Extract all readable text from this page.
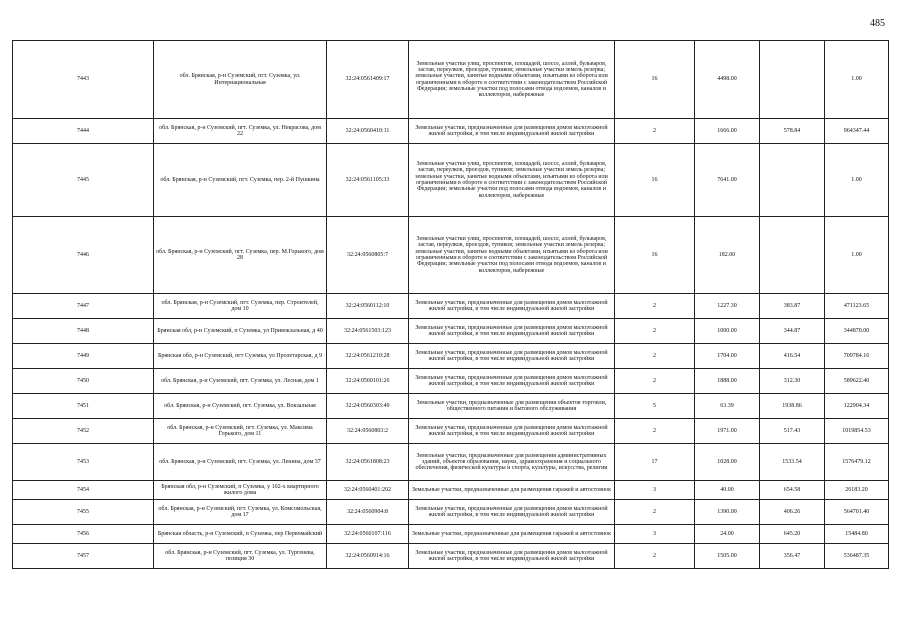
485
7443	обл. Брянская, р-н Суземский, пгт. Суземка, ул. Интернациональная	32:24:0561409:17	Земельные участки улиц, проспектов, площадей, шоссе, аллей, бульваров, застав, переулков, проездов, тупиков; земельные участки земель резерва; земельные участки, занятые водными объектами, изъятыми из оборота или ограниченными в обороте в соответствии с законодательством Российской Федерации; земельные участки под полосами отвода водоемов, каналов и коллекторов, набережные	16	4498.00		1.00
7444	обл. Брянская, р-н Суземский, пгт. Суземка, ул. Некрасова, дом 22	32:24:0560410:11	Земельные участки, предназначенные для размещения домов малоэтажной жилой застройки, в том числе индивидуальной жилой застройки	2	1666.00	578.84	964347.44
7445	обл. Брянская, р-н Суземский, пгт. Суземка, пер. 2-й Пушкина	32:24:0561105:33	Земельные участки улиц, проспектов, площадей, шоссе, аллей, бульваров, застав, переулков, проездов, тупиков; земельные участки земель резерва; земельные участки, занятые водными объектами, изъятыми из оборота или ограниченными в обороте в соответствии с законодательством Российской Федерации; земельные участки под полосами отвода водоемов, каналов и коллекторов, набережные	16	7641.00		1.00
7446	обл. Брянская, р-н Суземский, пгт. Суземка, пер. М.Горького, дом 28	32:24:0560805:7	Земельные участки улиц, проспектов, площадей, шоссе, аллей, бульваров, застав, переулков, проездов, тупиков; земельные участки земель резерва; земельные участки, занятые водными объектами, изъятыми из оборота или ограниченными в обороте в соответствии с законодательством Российской Федерации; земельные участки под полосами отвода водоемов, каналов и коллекторов, набережные	16	182.00		1.00
7447	обл. Брянская, р-н Суземский, пгт. Суземка, пер. Строителей, дом 10	32:24:0560112:10	Земельные участки, предназначенные для размещения домов малоэтажной жилой застройки, в том числе индивидуальной жилой застройки	2	1227.30	383.87	471123.65
7448	Брянская обл, р-н Суземский, п Суземка, ул Привокзальная, д 40	32:24:0561503:123	Земельные участки, предназначенные для размещения домов малоэтажной жилой застройки, в том числе индивидуальной жилой застройки	2	1000.00	344.87	344870.00
7449	Брянская обл, р-н Суземский, пгт Суземка, ул Пролетарская, д 9	32:24:0561210:28	Земельные участки, предназначенные для размещения домов малоэтажной жилой застройки, в том числе индивидуальной жилой застройки	2	1704.00	416.54	709784.16
7450	обл. Брянская, р-н Суземский, пгт. Суземка, ул. Лесная, дом 1	32:24:0560101:26	Земельные участки, предназначенные для размещения домов малоэтажной жилой застройки, в том числе индивидуальной жилой застройки	2	1888.00	312.30	589622.40
7451	обл. Брянская, р-н Суземский, пгт. Суземка, ул. Вокзальная	32:24:0560303:49	Земельные участки, предназначенные для размещения объектов торговли, общественного питания и бытового обслуживания	5	63.39	1938.86	122904.34
7452	обл. Брянская, р-н Суземский, пгт. Суземка, ул. Максима Горького, дом 11	32:24:0560803:2	Земельные участки, предназначенные для размещения домов малоэтажной жилой застройки, в том числе индивидуальной жилой застройки	2	1971.00	517.43	1019854.53
7453	обл. Брянская, р-н Суземский, пгт. Суземка, ул. Ленина, дом 37	32:24:0561808:23	Земельные участки, предназначенные для размещения административных зданий, объектов образования, науки, здравоохранения и социального обеспечения, физической культуры и спорта, культуры, искусства, религии	17	1028.00	1533.54	1576479.12
7454	Брянская обл, р-н Суземский, п Суземка, у 102-х квартирного жилого дома	32:24:0560401:202	Земельные участки, предназначенные для размещения гаражей и автостоянок	3	40.00	654.58	26183.20
7455	обл. Брянская, р-н Суземский, пгт. Суземка, ул. Комсомольская, дом 17	32:24:0560904:8	Земельные участки, предназначенные для размещения домов малоэтажной жилой застройки, в том числе индивидуальной жилой застройки	2	1390.00	406.26	564701.40
7456	Брянская область, р-н Суземский, п Суземка, пер Первомайский	32:24:0560107:116	Земельные участки, предназначенные для размещения гаражей и автостоянок	3	24.00	645.20	15484.80
7457	обл. Брянская, р-н Суземский, пгт. Суземка, ул. Тургенева, позиция 30	32:24:0560914:16	Земельные участки, предназначенные для размещения домов малоэтажной жилой застройки, в том числе индивидуальной жилой застройки	2	1505.00	356.47	536487.35
